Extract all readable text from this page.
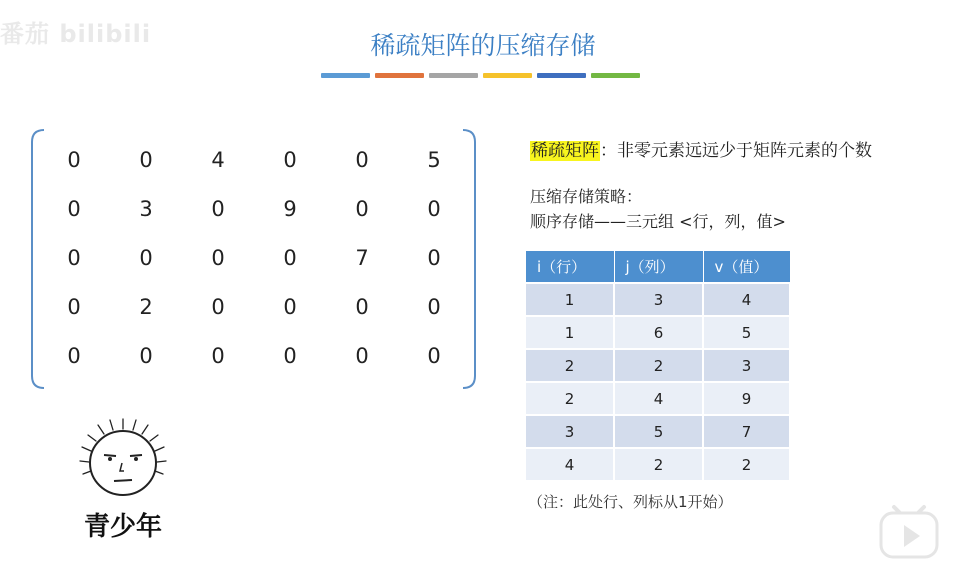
番茄 bilibili	稀疏矩阵的压缩存储
0	0	4	0	0	5
0	3	0	9	0	0
0	0	0	0	7	0
0	2	0	0	0	0
0	0	0	0	0	0
稀疏矩阵：非零元素远远少于矩阵元素的个数
压缩存储策略：
顺序存储——三元组 <行，列，值>
i（行）	j（列）	v（值）
1	3	4
1	6	5
2	2	3
2	4	9
3	5	7
4	2	2
（注：此处行、列标从1开始）
青少年
